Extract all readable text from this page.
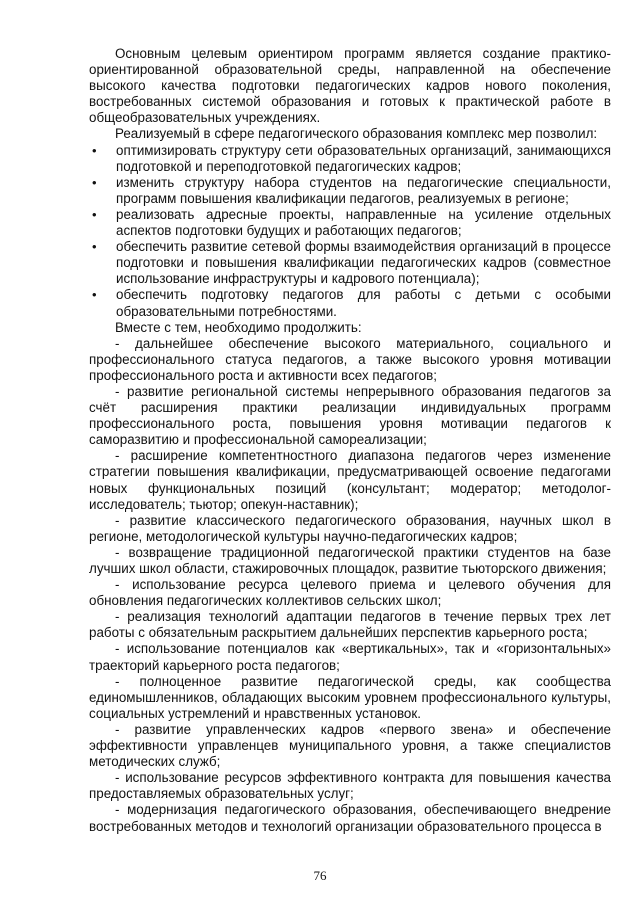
Основным целевым ориентиром программ является создание практико-ориентированной образовательной среды, направленной на обеспечение высокого качества подготовки педагогических кадров нового поколения, востребованных системой образования и готовых к практической работе в общеобразовательных учреждениях.

Реализуемый в сфере педагогического образования комплекс мер позволил:

• оптимизировать структуру сети образовательных организаций, занимающихся подготовкой и переподготовкой педагогических кадров;
• изменить структуру набора студентов на педагогические специальности, программ повышения квалификации педагогов, реализуемых в регионе;
• реализовать адресные проекты, направленные на усиление отдельных аспектов подготовки будущих и работающих педагогов;
• обеспечить развитие сетевой формы взаимодействия организаций в процессе подготовки и повышения квалификации педагогических кадров (совместное использование инфраструктуры и кадрового потенциала);
• обеспечить подготовку педагогов для работы с детьми с особыми образовательными потребностями.

Вместе с тем, необходимо продолжить:

- дальнейшее обеспечение высокого материального, социального и профессионального статуса педагогов, а также высокого уровня мотивации профессионального роста и активности всех педагогов;

- развитие региональной системы непрерывного образования педагогов за счёт расширения практики реализации индивидуальных программ профессионального роста, повышения уровня мотивации педагогов к саморазвитию и профессиональной самореализации;

- расширение компетентностного диапазона педагогов через изменение стратегии повышения квалификации, предусматривающей освоение педагогами новых функциональных позиций (консультант; модератор; методолог-исследователь; тьютор; опекун-наставник);

- развитие классического педагогического образования, научных школ в регионе, методологической культуры научно-педагогических кадров;

- возвращение традиционной педагогической практики студентов на базе лучших школ области, стажировочных площадок, развитие тьюторского движения;

- использование ресурса целевого приема и целевого обучения для обновления педагогических коллективов сельских школ;

- реализация технологий адаптации педагогов в течение первых трех лет работы с обязательным раскрытием дальнейших перспектив карьерного роста;

- использование потенциалов как «вертикальных», так и «горизонтальных» траекторий карьерного роста педагогов;

- полноценное развитие педагогической среды, как сообщества единомышленников, обладающих высоким уровнем профессионального культуры, социальных устремлений и нравственных установок.

- развитие управленческих кадров «первого звена» и обеспечение эффективности управленцев муниципального уровня, а также специалистов методических служб;

- использование ресурсов эффективного контракта для повышения качества предоставляемых образовательных услуг;

- модернизация педагогического образования, обеспечивающего внедрение востребованных методов и технологий организации образовательного процесса в

76
